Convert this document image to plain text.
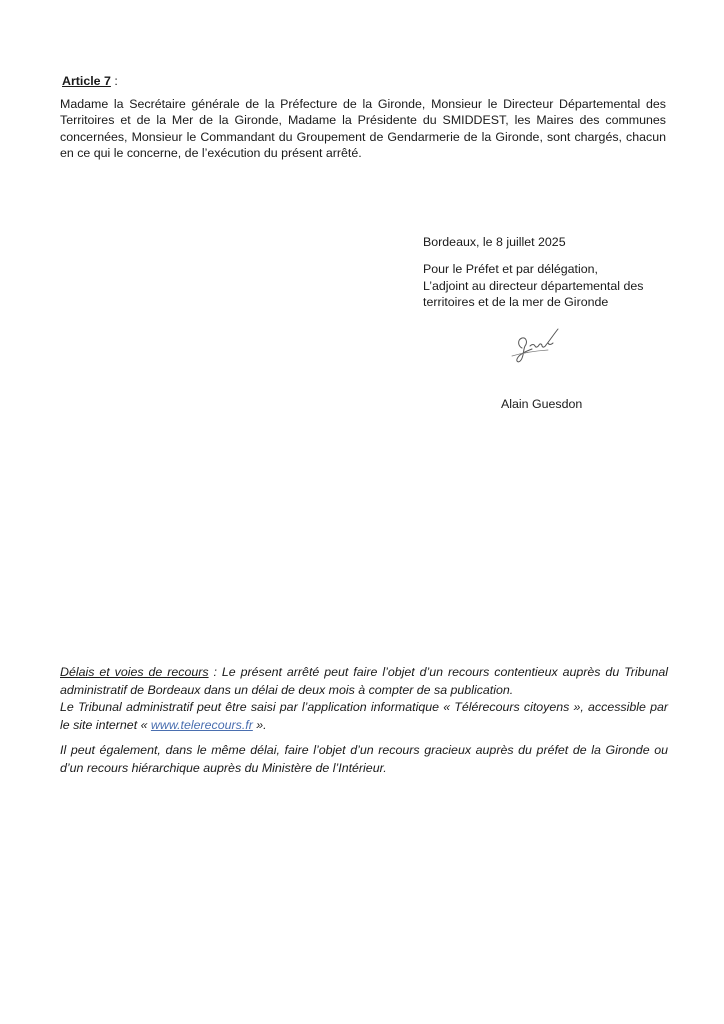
Article 7 :

Madame la Secrétaire générale de la Préfecture de la Gironde, Monsieur le Directeur Départemental des Territoires et de la Mer de la Gironde, Madame la Présidente du SMIDDEST, les Maires des communes concernées, Monsieur le Commandant du Groupement de Gendarmerie de la Gironde, sont chargés, chacun en ce qui le concerne, de l’exécution du présent arrêté.

Bordeaux, le 8 juillet 2025

Pour le Préfet et par délégation,
L’adjoint au directeur départemental des
territoires et de la mer de Gironde
Alain Guesdon

Délais et voies de recours : Le présent arrêté peut faire l’objet d’un recours contentieux auprès du Tribunal administratif de Bordeaux dans un délai de deux mois à compter de sa publication.

Le Tribunal administratif peut être saisi par l’application informatique « Télérecours citoyens », accessible par le site internet « www.telerecours.fr ».

Il peut également, dans le même délai, faire l’objet d’un recours gracieux auprès du préfet de la Gironde ou d’un recours hiérarchique auprès du Ministère de l’Intérieur.
